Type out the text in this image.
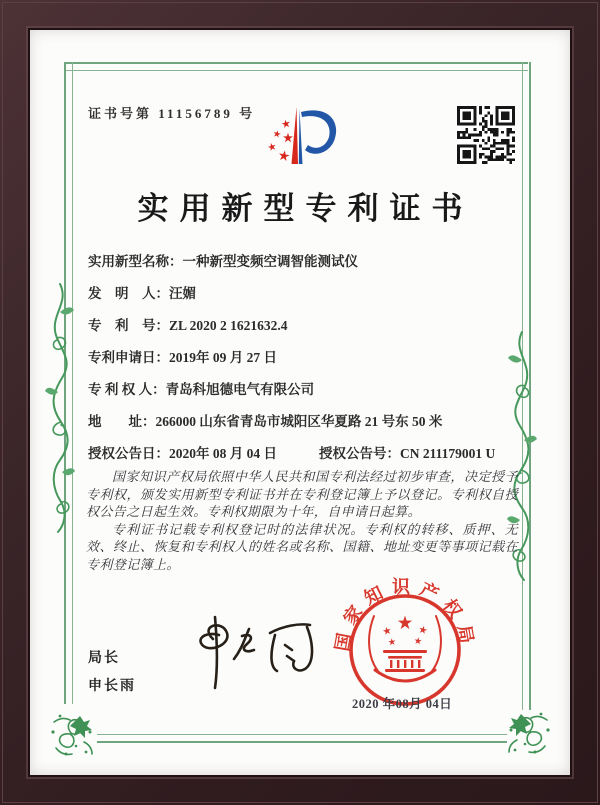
证书号第 11156789 号
实用新型专利证书
实用新型名称： 一种新型变频空调智能测试仪
发　明　人： 汪媚
专　利　号： ZL 2020 2 1621632.4
专利申请日： 2019年 09 月 27 日
专 利 权 人： 青岛科旭德电气有限公司
地　　址： 266000 山东省青岛市城阳区华夏路 21 号东 50 米
授权公告日： 2020年 08 月 04 日	授权公告号： CN 211179001 U

国家知识产权局依照中华人民共和国专利法经过初步审查，决定授予专利权，颁发实用新型专利证书并在专利登记簿上予以登记。专利权自授权公告之日起生效。专利权期限为十年，自申请日起算。

专利证书记载专利权登记时的法律状况。专利权的转移、质押、无效、终止、恢复和专利权人的姓名或名称、国籍、地址变更等事项记载在专利登记簿上。

局长
申长雨
国家知识产权局
2020 年08月 04日
